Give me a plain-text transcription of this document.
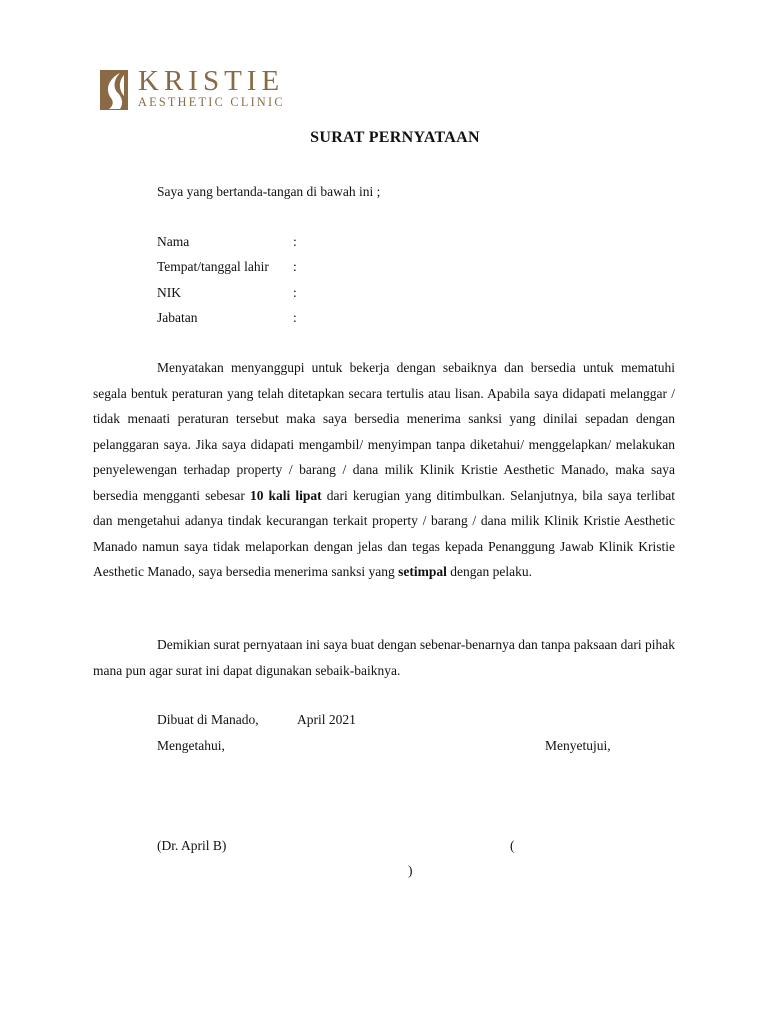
KRISTIE
AESTHETIC CLINIC
SURAT PERNYATAAN
Saya yang bertanda-tangan di bawah ini ;
Nama	:
Tempat/tanggal lahir :
NIK	:
Jabatan	:

Menyatakan menyanggupi untuk bekerja dengan sebaiknya dan bersedia untuk mematuhi segala bentuk peraturan yang telah ditetapkan secara tertulis atau lisan. Apabila saya didapati melanggar / tidak menaati peraturan tersebut maka saya bersedia menerima sanksi yang dinilai sepadan dengan pelanggaran saya. Jika saya didapati mengambil/ menyimpan tanpa diketahui/ menggelapkan/ melakukan penyelewengan terhadap property / barang / dana milik Klinik Kristie Aesthetic Manado, maka saya bersedia mengganti sebesar 10 kali lipat dari kerugian yang ditimbulkan. Selanjutnya, bila saya terlibat dan mengetahui adanya tindak kecurangan terkait property / barang / dana milik Klinik Kristie Aesthetic Manado namun saya tidak melaporkan dengan jelas dan tegas kepada Penanggung Jawab Klinik Kristie Aesthetic Manado, saya bersedia menerima sanksi yang setimpal dengan pelaku.

Demikian surat pernyataan ini saya buat dengan sebenar-benarnya dan tanpa paksaan dari pihak mana pun agar surat ini dapat digunakan sebaik-baiknya.

Dibuat di Manado,	April 2021
Mengetahui,	Menyetujui,
(Dr. April B)	(
)
